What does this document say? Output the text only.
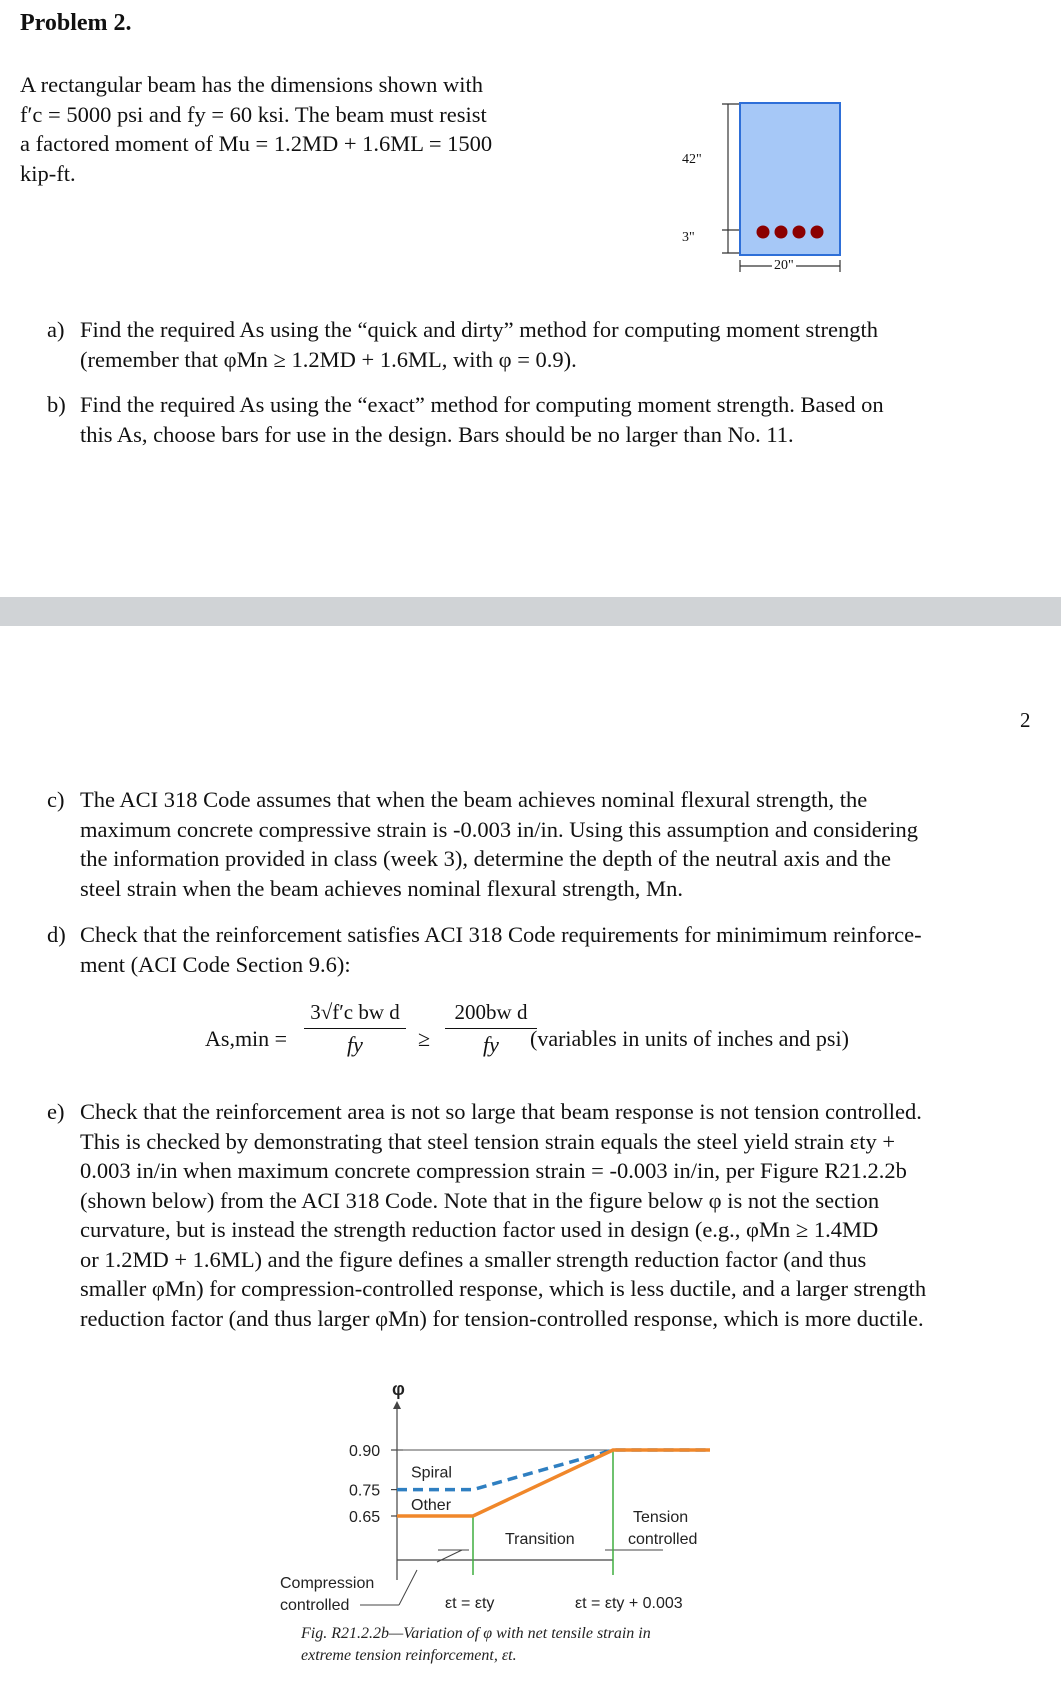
Problem 2.
A rectangular beam has the dimensions shown with
f′c = 5000 psi and fy = 60 ksi. The beam must resist
a factored moment of Mu = 1.2MD + 1.6ML = 1500
kip-ft.
42"
3"
20"
a) Find the required As using the “quick and dirty” method for computing moment strength
(remember that φMn ≥ 1.2MD + 1.6ML, with φ = 0.9).
b) Find the required As using the “exact” method for computing moment strength. Based on
this As, choose bars for use in the design. Bars should be no larger than No. 11.
2
c) The ACI 318 Code assumes that when the beam achieves nominal flexural strength, the
maximum concrete compressive strain is -0.003 in/in. Using this assumption and considering
the information provided in class (week 3), determine the depth of the neutral axis and the
steel strain when the beam achieves nominal flexural strength, Mn.
d) Check that the reinforcement satisfies ACI 318 Code requirements for minimimum reinforce-
ment (ACI Code Section 9.6):
As,min =
3√f′c bw d
fy	≥
200bw d
fy	(variables in units of inches and psi)
e) Check that the reinforcement area is not so large that beam response is not tension controlled.
This is checked by demonstrating that steel tension strain equals the steel yield strain εty +
0.003 in/in when maximum concrete compression strain = -0.003 in/in, per Figure R21.2.2b
(shown below) from the ACI 318 Code. Note that in the figure below φ is not the section
curvature, but is instead the strength reduction factor used in design (e.g., φMn ≥ 1.4MD
or 1.2MD + 1.6ML) and the figure defines a smaller strength reduction factor (and thus
smaller φMn) for compression-controlled response, which is less ductile, and a larger strength
reduction factor (and thus larger φMn) for tension-controlled response, which is more ductile.
φ
0.90
0.75
0.65
Spiral
Other
Transition
Tension
controlled
Compression
controlled	εt = εty	εt = εty + 0.003
Fig. R21.2.2b—Variation of φ with net tensile strain in
extreme tension reinforcement, εt.
